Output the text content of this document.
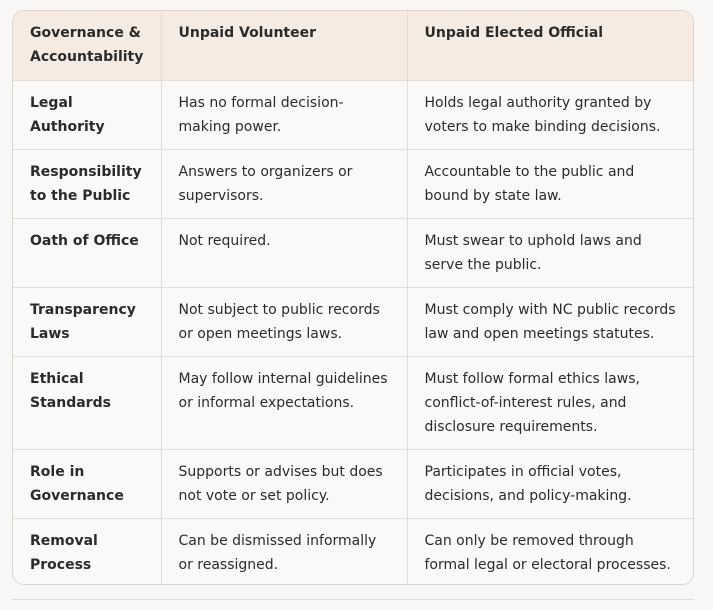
Governance & Accountability	Unpaid Volunteer	Unpaid Elected Official
Legal Authority	Has no formal decision-making power.	Holds legal authority granted by voters to make binding decisions.
Responsibility to the Public	Answers to organizers or supervisors.	Accountable to the public and bound by state law.
Oath of Office	Not required.	Must swear to uphold laws and serve the public.
Transparency Laws	Not subject to public records or open meetings laws.	Must comply with NC public records law and open meetings statutes.
Ethical Standards	May follow internal guidelines or informal expectations.	Must follow formal ethics laws, conflict-of-interest rules, and disclosure requirements.
Role in Governance	Supports or advises but does not vote or set policy.	Participates in official votes, decisions, and policy-making.
Removal Process	Can be dismissed informally or reassigned.	Can only be removed through formal legal or electoral processes.
